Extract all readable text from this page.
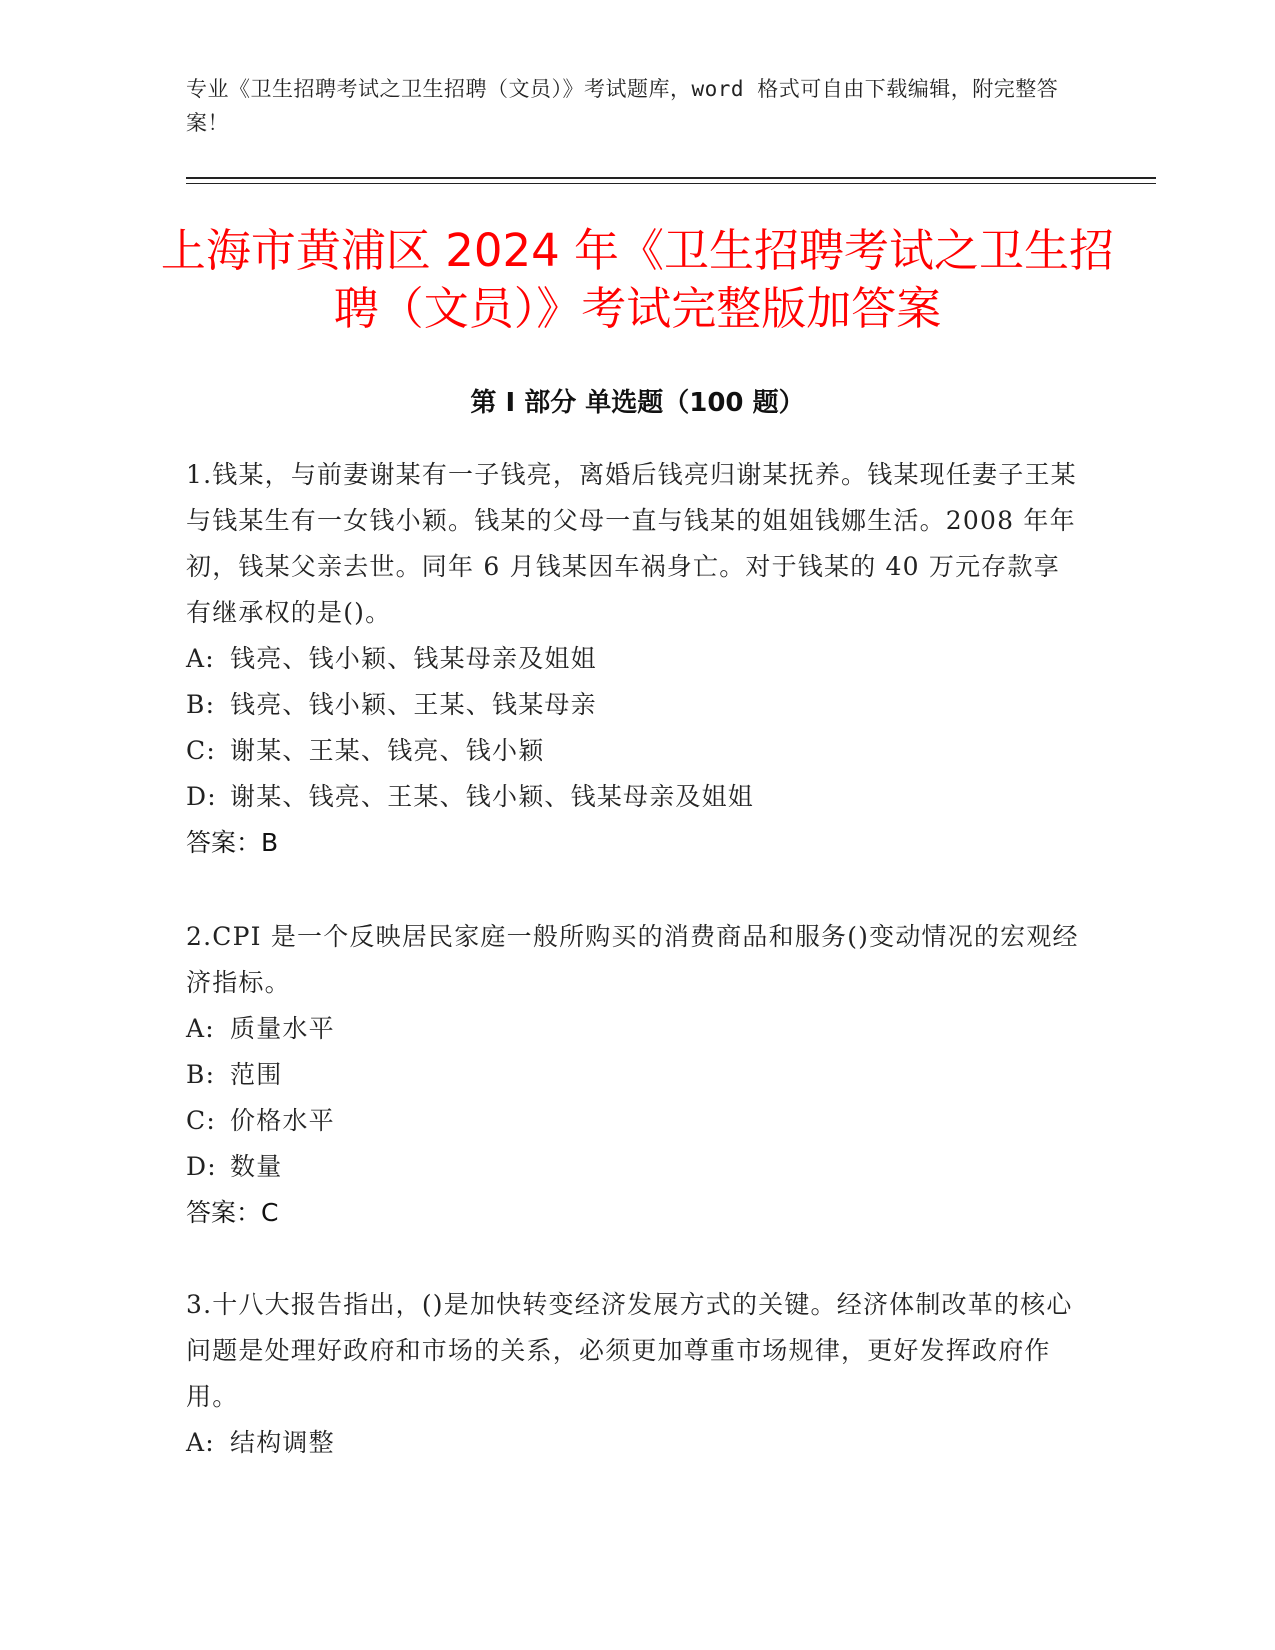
专业《卫生招聘考试之卫生招聘（文员）》考试题库，word 格式可自由下载编辑，附完整答案！
上海市黄浦区 2024 年《卫生招聘考试之卫生招聘（文员）》考试完整版加答案
第 I 部分 单选题（100 题）

1.钱某，与前妻谢某有一子钱亮，离婚后钱亮归谢某抚养。钱某现任妻子王某与钱某生有一女钱小颖。钱某的父母一直与钱某的姐姐钱娜生活。2008 年年初，钱某父亲去世。同年 6 月钱某因车祸身亡。对于钱某的 40 万元存款享有继承权的是()。

A: 钱亮、钱小颖、钱某母亲及姐姐

B: 钱亮、钱小颖、王某、钱某母亲

C: 谢某、王某、钱亮、钱小颖

D: 谢某、钱亮、王某、钱小颖、钱某母亲及姐姐

答案：B

2.CPI 是一个反映居民家庭一般所购买的消费商品和服务()变动情况的宏观经济指标。

A: 质量水平

B: 范围

C: 价格水平

D: 数量

答案：C

3.十八大报告指出，()是加快转变经济发展方式的关键。经济体制改革的核心问题是处理好政府和市场的关系，必须更加尊重市场规律，更好发挥政府作用。

A: 结构调整
